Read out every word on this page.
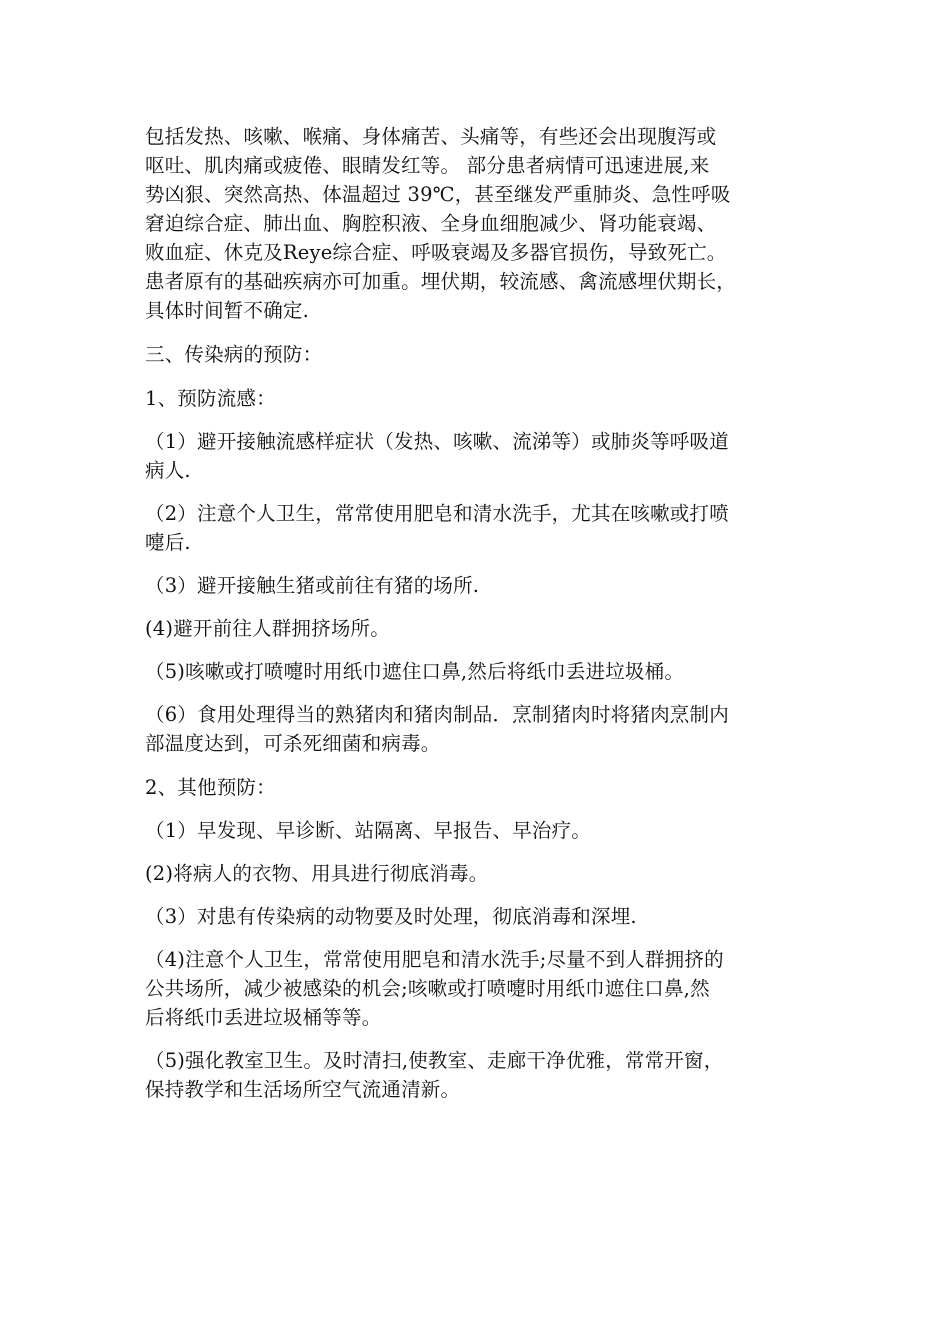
包括发热、咳嗽、喉痛、身体痛苦、头痛等，有些还会出现腹泻或
呕吐、肌肉痛或疲倦、眼睛发红等。 部分患者病情可迅速进展,来
势凶狠、突然高热、体温超过 39℃，甚至继发严重肺炎、急性呼吸
窘迫综合症、肺出血、胸腔积液、全身血细胞减少、肾功能衰竭、
败血症、休克及Reye综合症、呼吸衰竭及多器官损伤，导致死亡。
患者原有的基础疾病亦可加重。埋伏期，较流感、禽流感埋伏期长，
具体时间暂不确定.

三、传染病的预防：

1、预防流感：

（1）避开接触流感样症状（发热、咳嗽、流涕等）或肺炎等呼吸道
病人.

（2）注意个人卫生，常常使用肥皂和清水洗手，尤其在咳嗽或打喷
嚏后.

（3）避开接触生猪或前往有猪的场所.

(4)避开前往人群拥挤场所。

（5)咳嗽或打喷嚏时用纸巾遮住口鼻,然后将纸巾丢进垃圾桶。

（6）食用处理得当的熟猪肉和猪肉制品．烹制猪肉时将猪肉烹制内
部温度达到，可杀死细菌和病毒。

2、其他预防：

（1）早发现、早诊断、站隔离、早报告、早治疗。

(2)将病人的衣物、用具进行彻底消毒。

（3）对患有传染病的动物要及时处理，彻底消毒和深埋.

（4)注意个人卫生，常常使用肥皂和清水洗手;尽量不到人群拥挤的
公共场所，减少被感染的机会;咳嗽或打喷嚏时用纸巾遮住口鼻,然
后将纸巾丢进垃圾桶等等。

（5)强化教室卫生。及时清扫,使教室、走廊干净优雅，常常开窗，
保持教学和生活场所空气流通清新。
